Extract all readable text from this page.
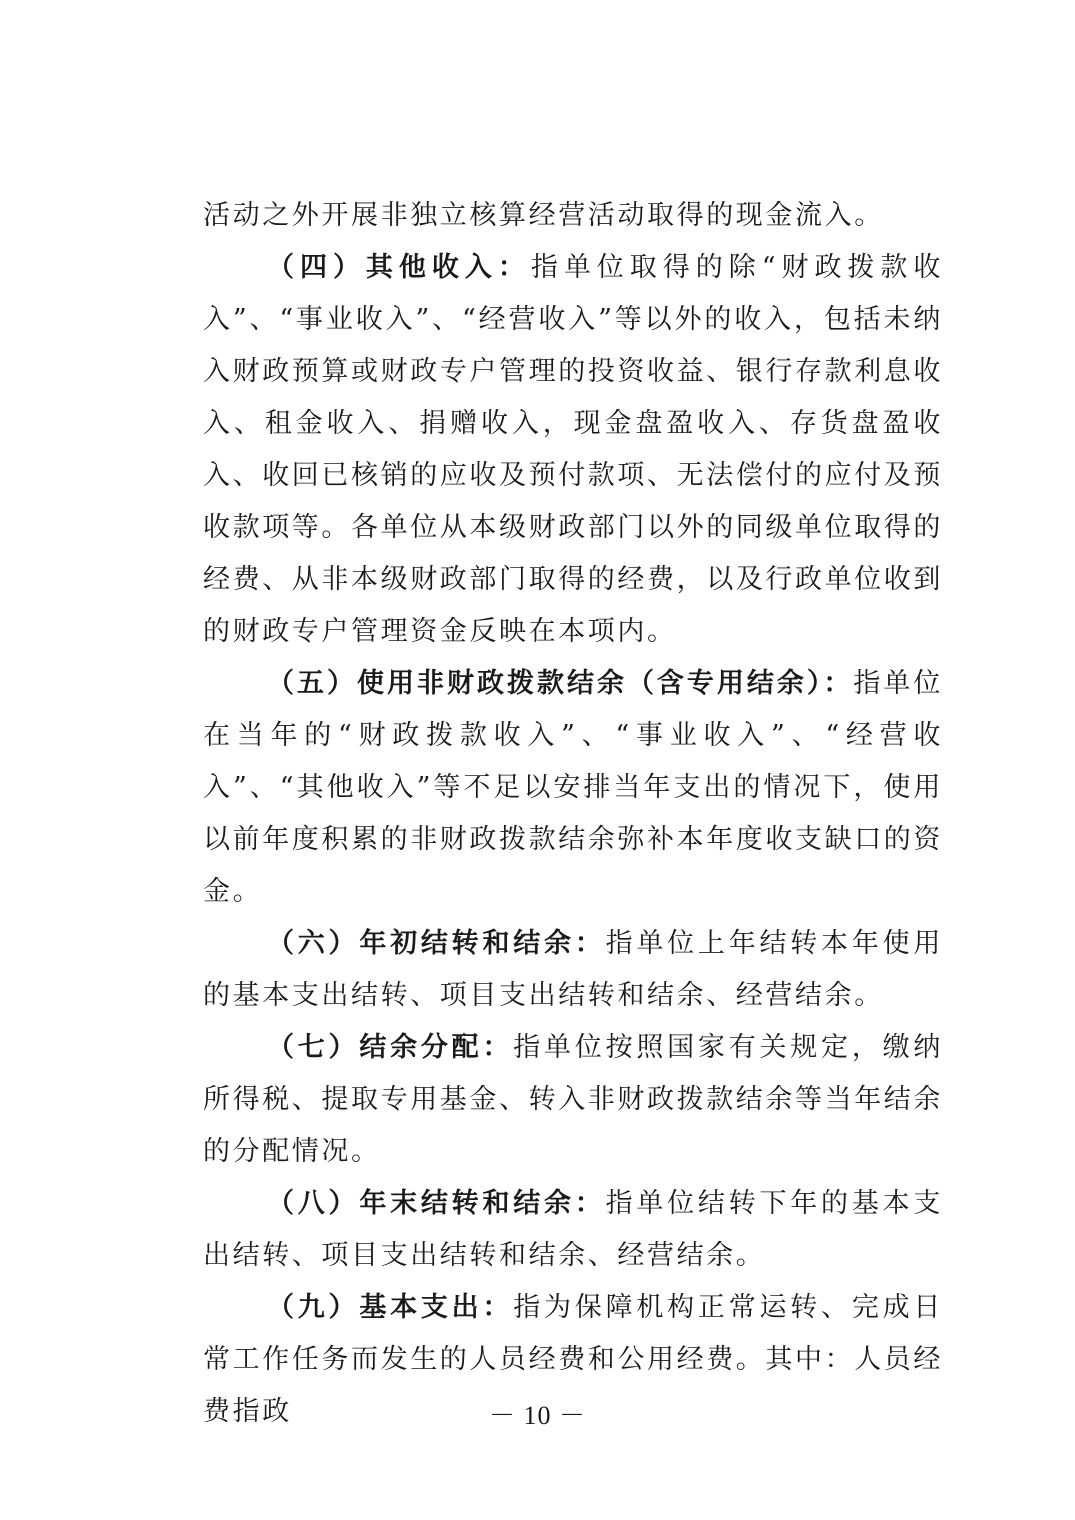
活动之外开展非独立核算经营活动取得的现金流入。

（四）其他收入：指单位取得的除“财政拨款收入”、“事业收入”、“经营收入”等以外的收入，包括未纳入财政预算或财政专户管理的投资收益、银行存款利息收入、租金收入、捐赠收入，现金盘盈收入、存货盘盈收入、收回已核销的应收及预付款项、无法偿付的应付及预收款项等。各单位从本级财政部门以外的同级单位取得的经费、从非本级财政部门取得的经费，以及行政单位收到的财政专户管理资金反映在本项内。

（五）使用非财政拨款结余（含专用结余）：指单位在当年的“财政拨款收入”、“事业收入”、“经营收入”、“其他收入”等不足以安排当年支出的情况下，使用以前年度积累的非财政拨款结余弥补本年度收支缺口的资金。

（六）年初结转和结余：指单位上年结转本年使用的基本支出结转、项目支出结转和结余、经营结余。

（七）结余分配：指单位按照国家有关规定，缴纳所得税、提取专用基金、转入非财政拨款结余等当年结余的分配情况。

（八）年末结转和结余：指单位结转下年的基本支出结转、项目支出结转和结余、经营结余。

（九）基本支出：指为保障机构正常运转、完成日常工作任务而发生的人员经费和公用经费。其中：人员经费指政	－ 10 －
